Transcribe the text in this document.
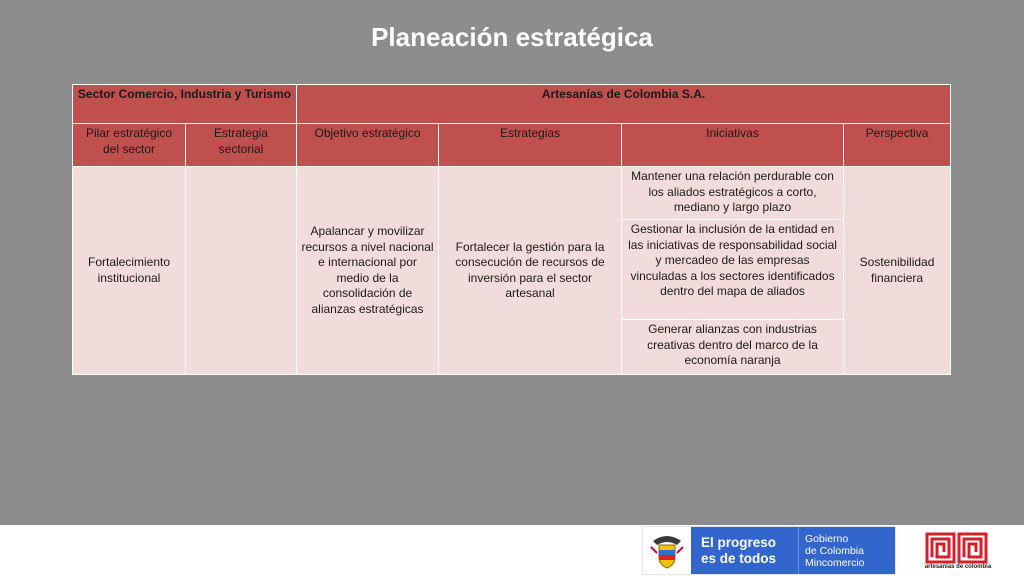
Planeación estratégica
Sector Comercio, Industria y Turismo		Artesanías de Colombia S.A.			
Pilar estratégico del sector	Estrategia sectorial	Objetivo estratégico	Estrategias	Iniciativas	Perspectiva
Fortalecimiento institucional		Apalancar y movilizar recursos a nivel nacional e internacional por medio de la consolidación de alianzas estratégicas	Fortalecer la gestión para la consecución de recursos de inversión para el sector artesanal	Mantener una relación perdurable con los aliados estratégicos a corto, mediano y largo plazo	Sostenibilidad financiera
				Gestionar la inclusión de la entidad en las iniciativas de responsabilidad social y mercadeo de las empresas vinculadas a los sectores identificados dentro del mapa de aliados	
				Generar alianzas con industrias creativas dentro del marco de la economía naranja	
El progreso
es de todos
Gobierno
de Colombia
Mincomercio	artesanías de colombia
